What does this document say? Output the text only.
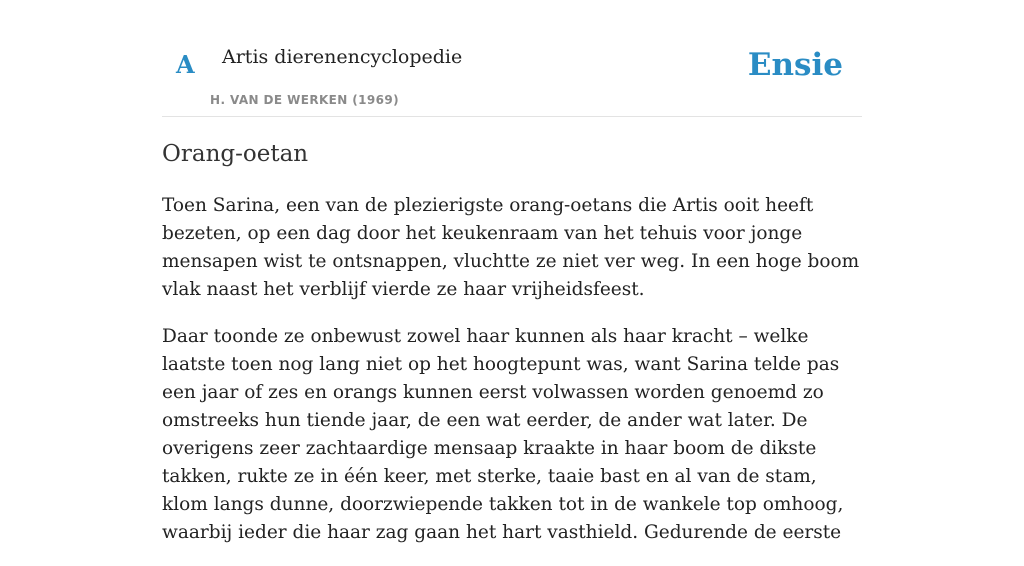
A Artis dierenencyclopedie
H. VAN DE WERKEN (1969)
Ensie
Orang-oetan

Toen Sarina, een van de plezierigste orang-oetans die Artis ooit heeft bezeten, op een dag door het keukenraam van het tehuis voor jonge mensapen wist te ontsnappen, vluchtte ze niet ver weg. In een hoge boom vlak naast het verblijf vierde ze haar vrijheidsfeest.

Daar toonde ze onbewust zowel haar kunnen als haar kracht – welke laatste toen nog lang niet op het hoogtepunt was, want Sarina telde pas een jaar of zes en orangs kunnen eerst volwassen worden genoemd zo omstreeks hun tiende jaar, de een wat eerder, de ander wat later. De overigens zeer zachtaardige mensaap kraakte in haar boom de dikste takken, rukte ze in één keer, met sterke, taaie bast en al van de stam, klom langs dunne, doorzwiepende takken tot in de wankele top omhoog, waarbij ieder die haar zag gaan het hart vasthield. Gedurende de eerste
